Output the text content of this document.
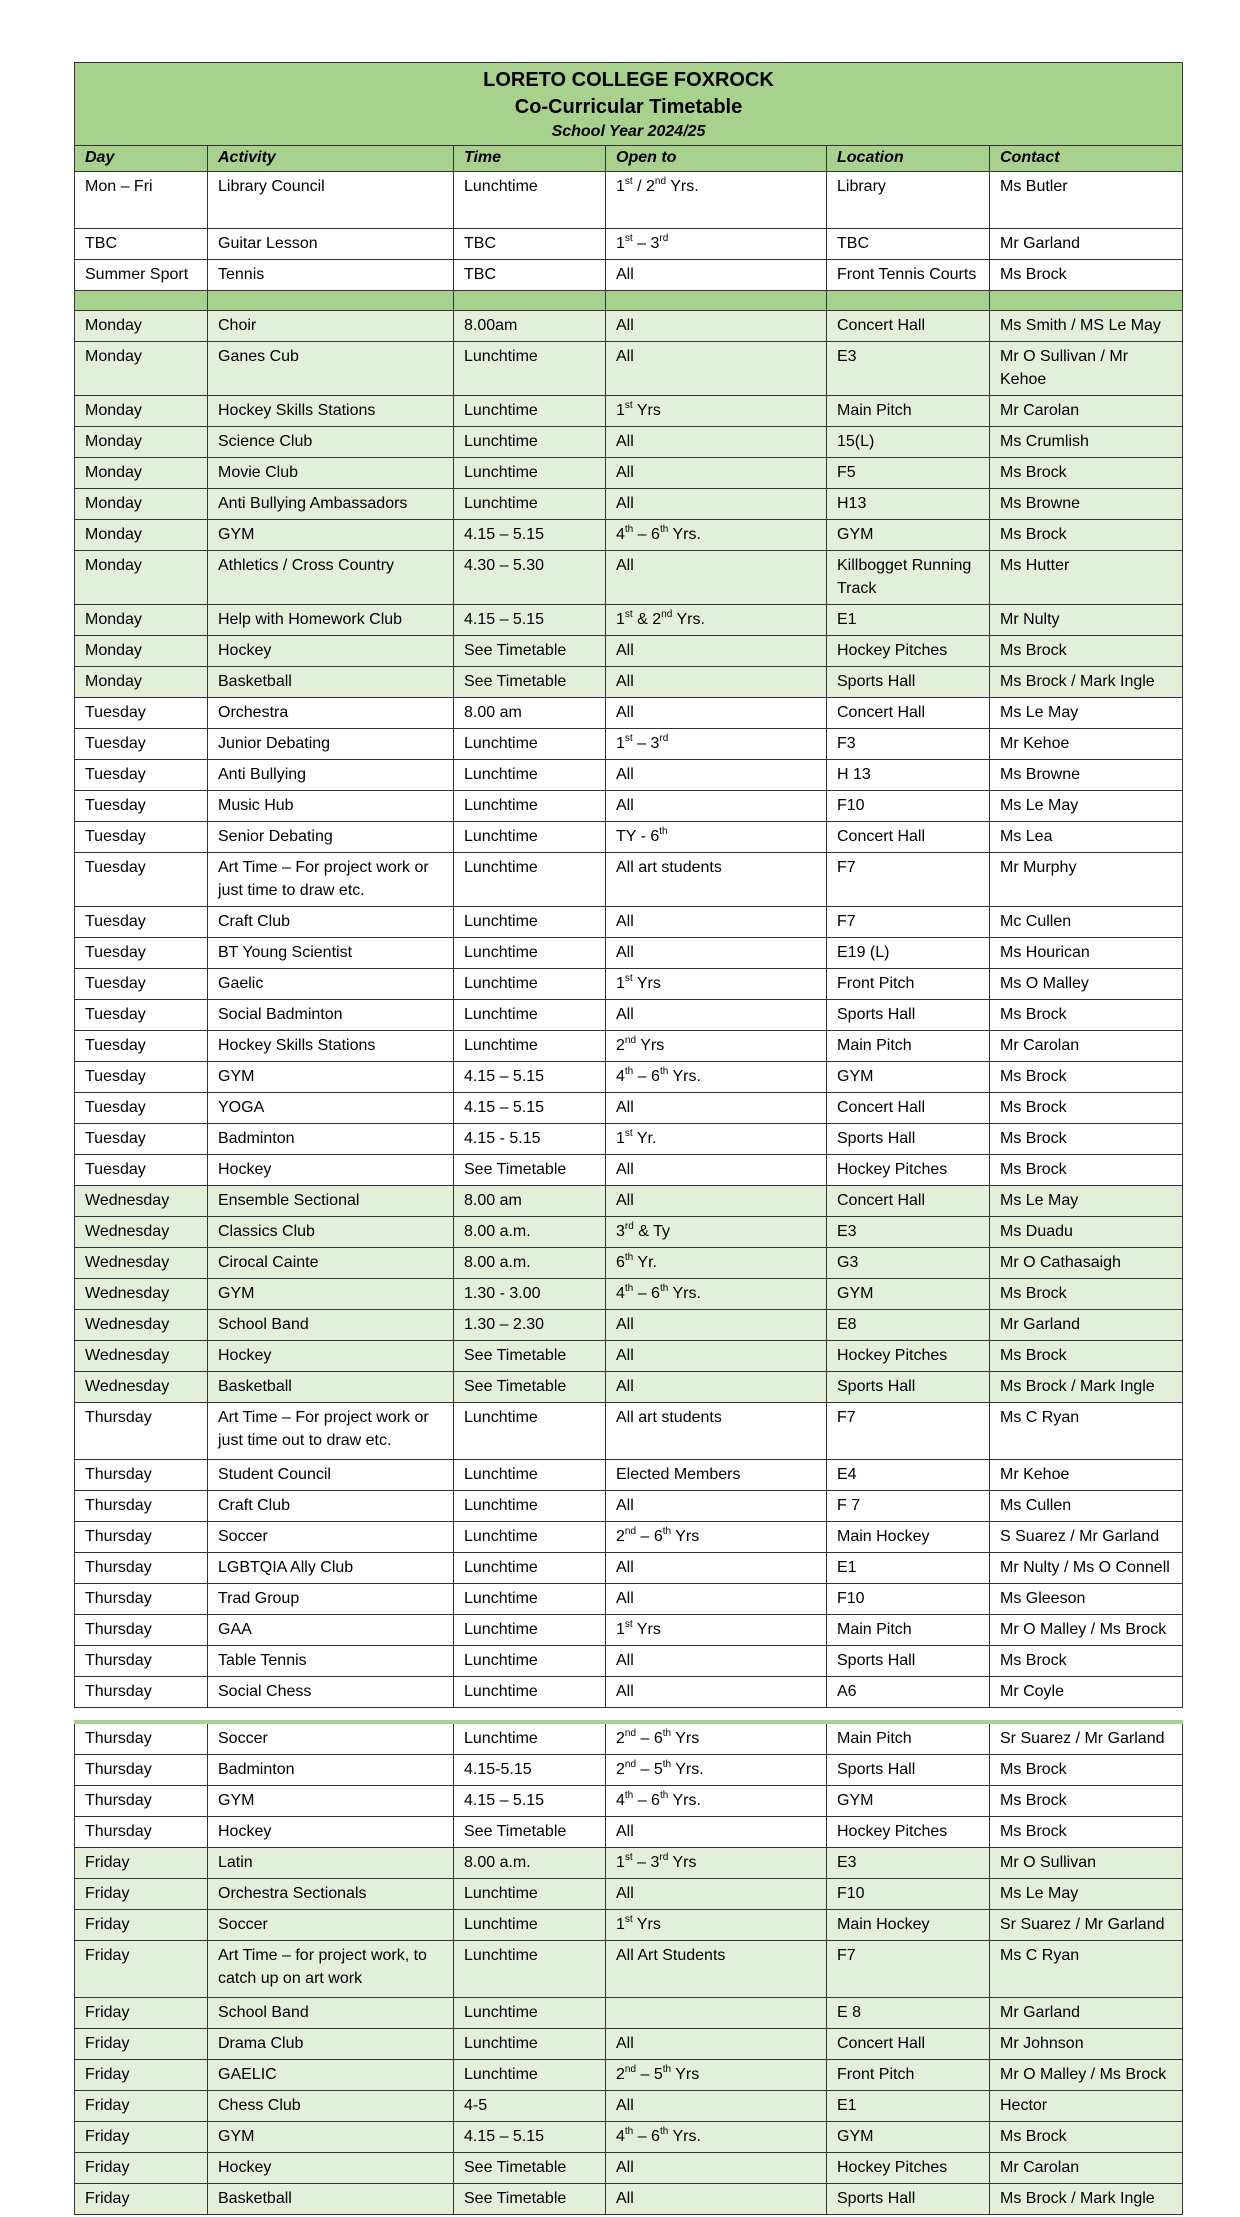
LORETO COLLEGE FOXROCK
Co-Curricular Timetable
School Year 2024/25					

Day	Activity	Time	Open to	Location	Contact
Mon – Fri	Library Council	Lunchtime	1st / 2nd Yrs.	Library	Ms Butler
TBC	Guitar Lesson	TBC	1st – 3rd	TBC	Mr Garland
Summer Sport	Tennis	TBC	All	Front Tennis Courts	Ms Brock

Monday	Choir	8.00am	All	Concert Hall	Ms Smith / MS Le May
Monday	Ganes Cub	Lunchtime	All	E3	Mr O Sullivan / Mr Kehoe
Monday	Hockey Skills Stations	Lunchtime	1st Yrs	Main Pitch	Mr Carolan
Monday	Science Club	Lunchtime	All	15(L)	Ms Crumlish
Monday	Movie Club	Lunchtime	All	F5	Ms Brock
Monday	Anti Bullying Ambassadors	Lunchtime	All	H13	Ms Browne
Monday	GYM	4.15 – 5.15	4th – 6th Yrs.	GYM	Ms Brock
Monday	Athletics / Cross Country	4.30 – 5.30	All	Killbogget Running Track	Ms Hutter
Monday	Help with Homework Club	4.15 – 5.15	1st & 2nd Yrs.	E1	Mr Nulty
Monday	Hockey	See Timetable	All	Hockey Pitches	Ms Brock
Monday	Basketball	See Timetable	All	Sports Hall	Ms Brock / Mark Ingle
Tuesday	Orchestra	8.00 am	All	Concert Hall	Ms Le May
Tuesday	Junior Debating	Lunchtime	1st – 3rd	F3	Mr Kehoe
Tuesday	Anti Bullying	Lunchtime	All	H 13	Ms Browne
Tuesday	Music Hub	Lunchtime	All	F10	Ms Le May
Tuesday	Senior Debating	Lunchtime	TY - 6th	Concert Hall	Ms Lea
Tuesday	Art Time – For project work or just time to draw etc.	Lunchtime	All art students	F7	Mr Murphy
Tuesday	Craft Club	Lunchtime	All	F7	Mc Cullen
Tuesday	BT Young Scientist	Lunchtime	All	E19 (L)	Ms Hourican
Tuesday	Gaelic	Lunchtime	1st Yrs	Front Pitch	Ms O Malley
Tuesday	Social Badminton	Lunchtime	All	Sports Hall	Ms Brock
Tuesday	Hockey Skills Stations	Lunchtime	2nd Yrs	Main Pitch	Mr Carolan
Tuesday	GYM	4.15 – 5.15	4th – 6th Yrs.	GYM	Ms Brock
Tuesday	YOGA	4.15 – 5.15	All	Concert Hall	Ms Brock
Tuesday	Badminton	4.15 - 5.15	1st Yr.	Sports Hall	Ms Brock
Tuesday	Hockey	See Timetable	All	Hockey Pitches	Ms Brock
Wednesday	Ensemble Sectional	8.00 am	All	Concert Hall	Ms Le May
Wednesday	Classics Club	8.00 a.m.	3rd & Ty	E3	Ms Duadu
Wednesday	Cirocal Cainte	8.00 a.m.	6th Yr.	G3	Mr O Cathasaigh
Wednesday	GYM	1.30 - 3.00	4th – 6th Yrs.	GYM	Ms Brock
Wednesday	School Band	1.30 – 2.30	All	E8	Mr Garland
Wednesday	Hockey	See Timetable	All	Hockey Pitches	Ms Brock
Wednesday	Basketball	See Timetable	All	Sports Hall	Ms Brock / Mark Ingle
Thursday	Art Time – For project work or just time out to draw etc.	Lunchtime	All art students	F7	Ms C Ryan
Thursday	Student Council	Lunchtime	Elected Members	E4	Mr Kehoe
Thursday	Craft Club	Lunchtime	All	F 7	Ms Cullen
Thursday	Soccer	Lunchtime	2nd – 6th Yrs	Main Hockey	S Suarez / Mr Garland
Thursday	LGBTQIA Ally Club	Lunchtime	All	E1	Mr Nulty / Ms O Connell
Thursday	Trad Group	Lunchtime	All	F10	Ms Gleeson
Thursday	GAA	Lunchtime	1st Yrs	Main Pitch	Mr O Malley / Ms Brock
Thursday	Table Tennis	Lunchtime	All	Sports Hall	Ms Brock
Thursday	Social Chess	Lunchtime	All	A6	Mr Coyle
Thursday	Soccer	Lunchtime	2nd – 6th Yrs	Main Pitch	Sr Suarez / Mr Garland
Thursday	Badminton	4.15-5.15	2nd – 5th Yrs.	Sports Hall	Ms Brock
Thursday	GYM	4.15 – 5.15	4th – 6th Yrs.	GYM	Ms Brock
Thursday	Hockey	See Timetable	All	Hockey Pitches	Ms Brock
Friday	Latin	8.00 a.m.	1st – 3rd Yrs	E3	Mr O Sullivan
Friday	Orchestra Sectionals	Lunchtime	All	F10	Ms Le May
Friday	Soccer	Lunchtime	1st Yrs	Main Hockey	Sr Suarez / Mr Garland
Friday	Art Time – for project work, to catch up on art work	Lunchtime	All Art Students	F7	Ms C Ryan
Friday	School Band	Lunchtime		E 8	Mr Garland
Friday	Drama Club	Lunchtime	All	Concert Hall	Mr Johnson
Friday	GAELIC	Lunchtime	2nd – 5th Yrs	Front Pitch	Mr O Malley / Ms Brock
Friday	Chess Club	4-5	All	E1	Hector
Friday	GYM	4.15 – 5.15	4th – 6th Yrs.	GYM	Ms Brock
Friday	Hockey	See Timetable	All	Hockey Pitches	Mr Carolan
Friday	Basketball	See Timetable	All	Sports Hall	Ms Brock / Mark Ingle
